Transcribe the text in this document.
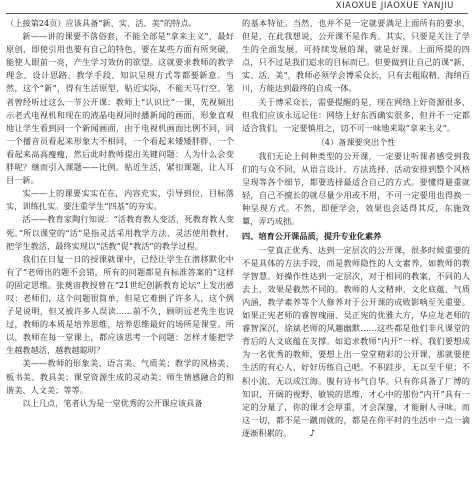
XIAOXUE JIAOXUE YANJIU

（上接第24页）应该具备“新、实、活、美”的特点。

新——讲的课要不落俗套，不能全部是“拿来主义”，最好原创，即使引用也要有自己的特色，要在某些方面有所突破，能使人眼前一亮，产生学习效仿的欲望。这就要求教师的教学理念、设计思路、教学手段、知识呈现方式等都要新意。当然，这个“新”，得有生活原型，贴近实际，不能天马行空。笔者曾经听过这么一节公开课：教师上“认识比”一课，先视频出示老式电视机和现在的液晶电视同时播新闻的画面，形象直观地让学生看到同一个新闻画面，由于电视机画面比例不同，同一个播音员看起来形象大不相同，一个看起来矮矮胖胖，一个看起来高高瘦瘦，然后此时教师提出关键问题：人为什么会变胖呢？继而引入课题——比例。贴近生活，紧扣课题，让人耳目一新。

实——上的课要实实在在，内容充实，引导到位，目标落实，训练扎实。要注重学生“四基”的夯实。

活——教育家陶行知说：“活教育教人变活，死教育教人变死。”所以课堂的“活”是指灵活采用教学方法、灵活使用教材，把学生教活，最终实现以“活教”促“教活”的教学过程。

我们在日复一日的授课就课中，已经让学生在潜移默化中有了“老师出的题不会错，所有的问题都是有标准答案的”这样的固定思维。张奠宙教授曾在“21世纪创新教育论坛”上发出感叹：老师们，这个问题很简单，但是它难倒了许多人，这个例子是说明，但又被许多人误读……前不久，顾明远老先生也说过，教师的本质是培养思维，培养思维最好的场所是课堂。所以，教师在每一堂课上，都应该思考一个问题：怎样才能把学生越教越活，越教越聪明？

美——教师的形象美、语言美、气质美；教学的风格美、板书美、教具美；课堂资源生成的灵动美；师生情感融合的和谐美、人文美；等等。

以上几点，笔者认为是一堂优秀的公开课应该具备

的基本特征。当然，也并不是一定就要满足上面所有的要求，但是，在此我想说，公开课不是作秀。其实，只要是关注了学生的全面发展，可持续发展的课，就是好课。上面所提的四点，只不过是我们追求的目标而已。但要做到让自己的课“新、实、活、美”，教师必须学会博采众长，只有去粗取精、海纳百川，方能达到最终的自成一体。

关于博采众长，需要提醒的是，现在网络上好资源很多，但我们应该永远记住：网络上好东西确实很多，但并不一定都适合我们，一定要慎用之，切不可一味地来取“拿来主义”。

（4）备课要突出个性

我们无论上何种类型的公开课，一定要让听课者感受到我们的与众不同，从语言设计、方法选择、活动安排到整个风格呈现等各个细节，都要选择最适合自己的方式。要懂得避重就轻，自己不擅长的就尽量少用或不用，不可一定要用也得换一种呈现方式。不然，即便学会，效果也会适得其反，东施效颦，弄巧成拙。

四、培育公开课品质，提升专业化素养

一堂真正优秀、达到一定层次的公开课，很多时候重要的不是具体的方法手段，而是教师隐性的人文素养，如教师的教学智慧。好操作性达到一定层次，对于相同的教案，不同的人去上，效果是截然不同的。教师的人文精神、文化底蕴、气质内涵，教学素养等个人修养对于公开课的成败影响至关重要。如果正宪老师的睿智瑰丽、吴正宪的优雅大方，华应龙老师的睿智深沉，徐斌老师的风趣幽默……这些都是他们非凡课堂的背后的人文底蕴在支撑。如追求教师“内开”一样，我们要想成为一名优秀的教师，要想上出一堂堂精彩的公开课，那就要使生活的有心人，好好历练自己吧。不积跬步，无以至千里；不积小流，无以成江海。腹有诗书气自华。只有你具备了厂博的知识、开阔的视野、敏锐的思维，才心中的那份“内开”具有一定的分量了，你的课才会厚重，才会深邃，才能耐人寻味。而这一切，都不是一蹴而就的，都是在你平时的生活中一点一滴逐渐积累的。 ♪
